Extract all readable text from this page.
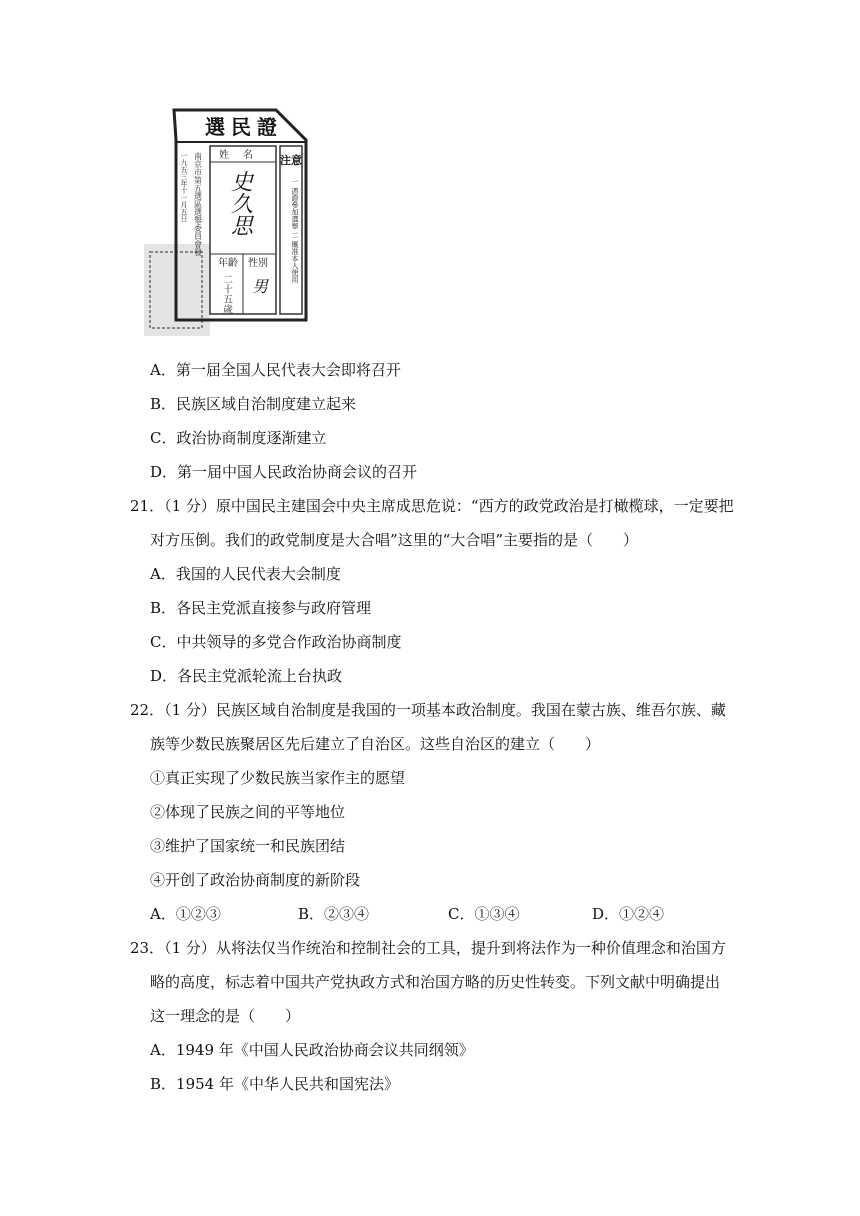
選民證
注意
一 憑證參加選舉 二 概准本人使用
姓名
史久思
年齡 性別
二十五歲 男
南京市第五選區選舉委員會發
一九五三年十一月五日
A．第一届全国人民代表大会即将召开
B．民族区域自治制度建立起来
C．政治协商制度逐渐建立
D．第一届中国人民政治协商会议的召开
21．（1 分）原中国民主建国会中央主席成思危说：“西方的政党政治是打橄榄球，一定要把
对方压倒。我们的政党制度是大合唱”这里的“大合唱”主要指的是（　　）
A．我国的人民代表大会制度
B．各民主党派直接参与政府管理
C．中共领导的多党合作政治协商制度
D．各民主党派轮流上台执政
22．（1 分）民族区域自治制度是我国的一项基本政治制度。我国在蒙古族、维吾尔族、藏
族等少数民族聚居区先后建立了自治区。这些自治区的建立（　　）
①真正实现了少数民族当家作主的愿望
②体现了民族之间的平等地位
③维护了国家统一和民族团结
④开创了政治协商制度的新阶段
A．①②③	B．②③④	C．①③④	D．①②④
23．（1 分）从将法仅当作统治和控制社会的工具，提升到将法作为一种价值理念和治国方
略的高度，标志着中国共产党执政方式和治国方略的历史性转变。下列文献中明确提出
这一理念的是（　　）
A．1949 年《中国人民政治协商会议共同纲领》
B．1954 年《中华人民共和国宪法》
